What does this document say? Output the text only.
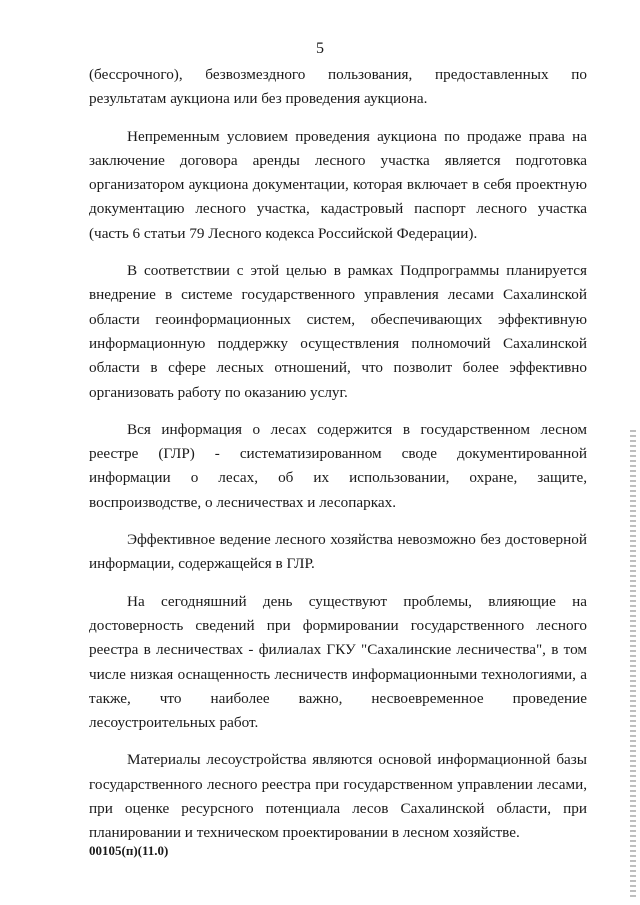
5

(бессрочного), безвозмездного пользования, предоставленных по результатам аукциона или без проведения аукциона.

Непременным условием проведения аукциона по продаже права на заключение договора аренды лесного участка является подготовка организатором аукциона документации, которая включает в себя проектную документацию лесного участка, кадастровый паспорт лесного участка (часть 6 статьи 79 Лесного кодекса Российской Федерации).

В соответствии с этой целью в рамках Подпрограммы планируется внедрение в системе государственного управления лесами Сахалинской области геоинформационных систем, обеспечивающих эффективную информационную поддержку осуществления полномочий Сахалинской области в сфере лесных отношений, что позволит более эффективно организовать работу по оказанию услуг.

Вся информация о лесах содержится в государственном лесном реестре (ГЛР) - систематизированном своде документированной информации о лесах, об их использовании, охране, защите, воспроизводстве, о лесничествах и лесопарках.

Эффективное ведение лесного хозяйства невозможно без достоверной информации, содержащейся в ГЛР.

На сегодняшний день существуют проблемы, влияющие на достоверность сведений при формировании государственного лесного реестра в лесничествах - филиалах ГКУ "Сахалинские лесничества", в том числе низкая оснащенность лесничеств информационными технологиями, а также, что наиболее важно, несвоевременное проведение лесоустроительных работ.

Материалы лесоустройства являются основой информационной базы государственного лесного реестра при государственном управлении лесами, при оценке ресурсного потенциала лесов Сахалинской области, при планировании и техническом проектировании в лесном хозяйстве.

00105(п)(11.0)
